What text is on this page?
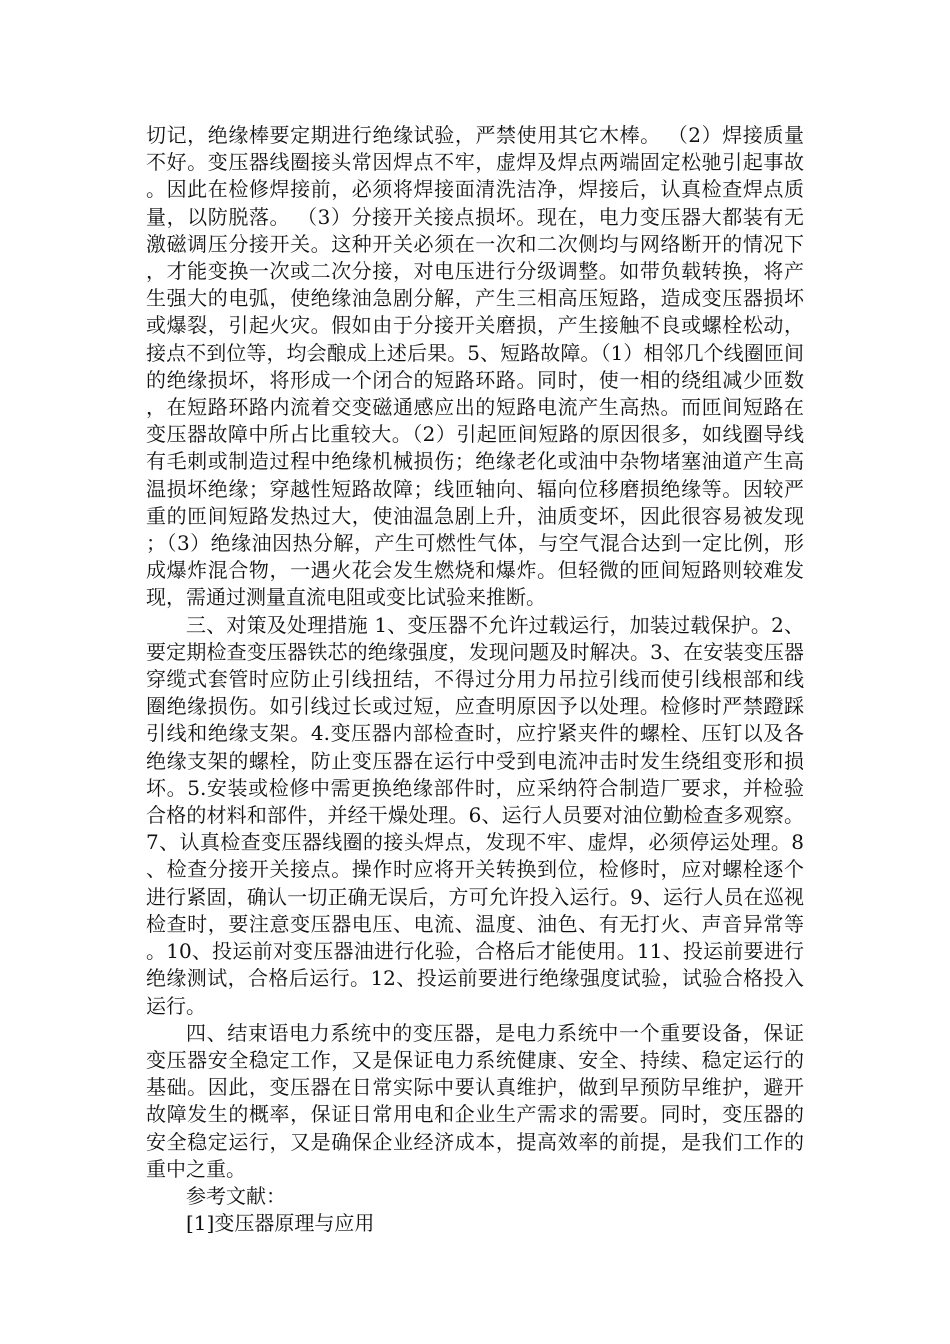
切记，绝缘棒要定期进行绝缘试验，严禁使用其它木棒。 （2）焊接质量不好。变压器线圈接头常因焊点不牢，虚焊及焊点两端固定松驰引起事故。因此在检修焊接前，必须将焊接面清洗洁净，焊接后，认真检查焊点质量，以防脱落。 （3）分接开关接点损坏。现在，电力变压器大都装有无激磁调压分接开关。这种开关必须在一次和二次侧均与网络断开的情况下，才能变换一次或二次分接，对电压进行分级调整。如带负载转换，将产生强大的电弧，使绝缘油急剧分解，产生三相高压短路，造成变压器损坏或爆裂，引起火灾。假如由于分接开关磨损，产生接触不良或螺栓松动，接点不到位等，均会酿成上述后果。5、短路故障。（1）相邻几个线圈匝间的绝缘损坏，将形成一个闭合的短路环路。同时，使一相的绕组减少匝数，在短路环路内流着交变磁通感应出的短路电流产生高热。而匝间短路在变压器故障中所占比重较大。（2）引起匝间短路的原因很多，如线圈导线有毛刺或制造过程中绝缘机械损伤；绝缘老化或油中杂物堵塞油道产生高温损坏绝缘；穿越性短路故障；线匝轴向、辐向位移磨损绝缘等。因较严重的匝间短路发热过大，使油温急剧上升，油质变坏，因此很容易被发现；（3）绝缘油因热分解，产生可燃性气体，与空气混合达到一定比例，形成爆炸混合物，一遇火花会发生燃烧和爆炸。但轻微的匝间短路则较难发现，需通过测量直流电阻或变比试验来推断。

三、对策及处理措施 1、变压器不允许过载运行，加装过载保护。2、要定期检查变压器铁芯的绝缘强度，发现问题及时解决。3、在安装变压器穿缆式套管时应防止引线扭结，不得过分用力吊拉引线而使引线根部和线圈绝缘损伤。如引线过长或过短，应查明原因予以处理。检修时严禁蹬踩引线和绝缘支架。4.变压器内部检查时，应拧紧夹件的螺栓、压钉以及各绝缘支架的螺栓，防止变压器在运行中受到电流冲击时发生绕组变形和损坏。5.安装或检修中需更换绝缘部件时，应采纳符合制造厂要求，并检验合格的材料和部件，并经干燥处理。6、运行人员要对油位勤检查多观察。7、认真检查变压器线圈的接头焊点，发现不牢、虚焊，必须停运处理。8、检查分接开关接点。操作时应将开关转换到位，检修时，应对螺栓逐个进行紧固，确认一切正确无误后，方可允许投入运行。9、运行人员在巡视检查时，要注意变压器电压、电流、温度、油色、有无打火、声音异常等。10、投运前对变压器油进行化验，合格后才能使用。11、投运前要进行绝缘测试，合格后运行。12、投运前要进行绝缘强度试验，试验合格投入运行。

四、结束语电力系统中的变压器，是电力系统中一个重要设备，保证变压器安全稳定工作，又是保证电力系统健康、安全、持续、稳定运行的基础。因此，变压器在日常实际中要认真维护，做到早预防早维护，避开故障发生的概率，保证日常用电和企业生产需求的需要。同时，变压器的安全稳定运行，又是确保企业经济成本，提高效率的前提，是我们工作的重中之重。

参考文献：

[1]变压器原理与应用
